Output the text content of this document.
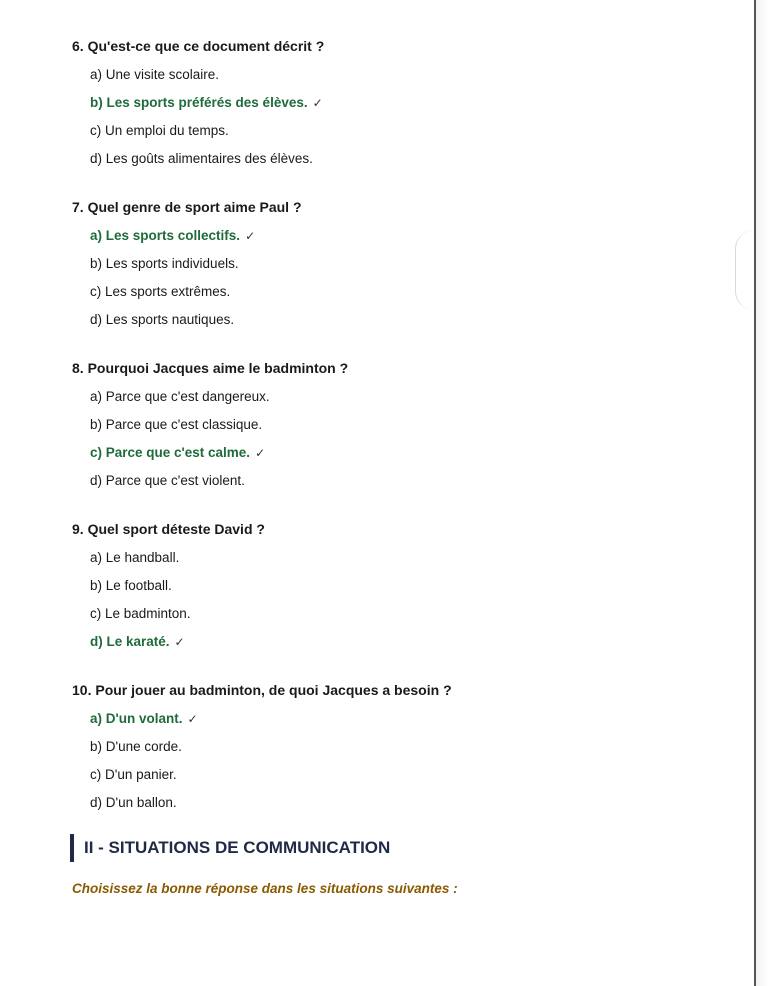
6. Qu'est-ce que ce document décrit ?
a) Une visite scolaire.
b) Les sports préférés des élèves. ✓
c) Un emploi du temps.
d) Les goûts alimentaires des élèves.
7. Quel genre de sport aime Paul ?
a) Les sports collectifs. ✓
b) Les sports individuels.
c) Les sports extrêmes.
d) Les sports nautiques.
8. Pourquoi Jacques aime le badminton ?
a) Parce que c'est dangereux.
b) Parce que c'est classique.
c) Parce que c'est calme. ✓
d) Parce que c'est violent.
9. Quel sport déteste David ?
a) Le handball.
b) Le football.
c) Le badminton.
d) Le karaté. ✓
10. Pour jouer au badminton, de quoi Jacques a besoin ?
a) D'un volant. ✓
b) D'une corde.
c) D'un panier.
d) D'un ballon.
II - SITUATIONS DE COMMUNICATION
Choisissez la bonne réponse dans les situations suivantes :
